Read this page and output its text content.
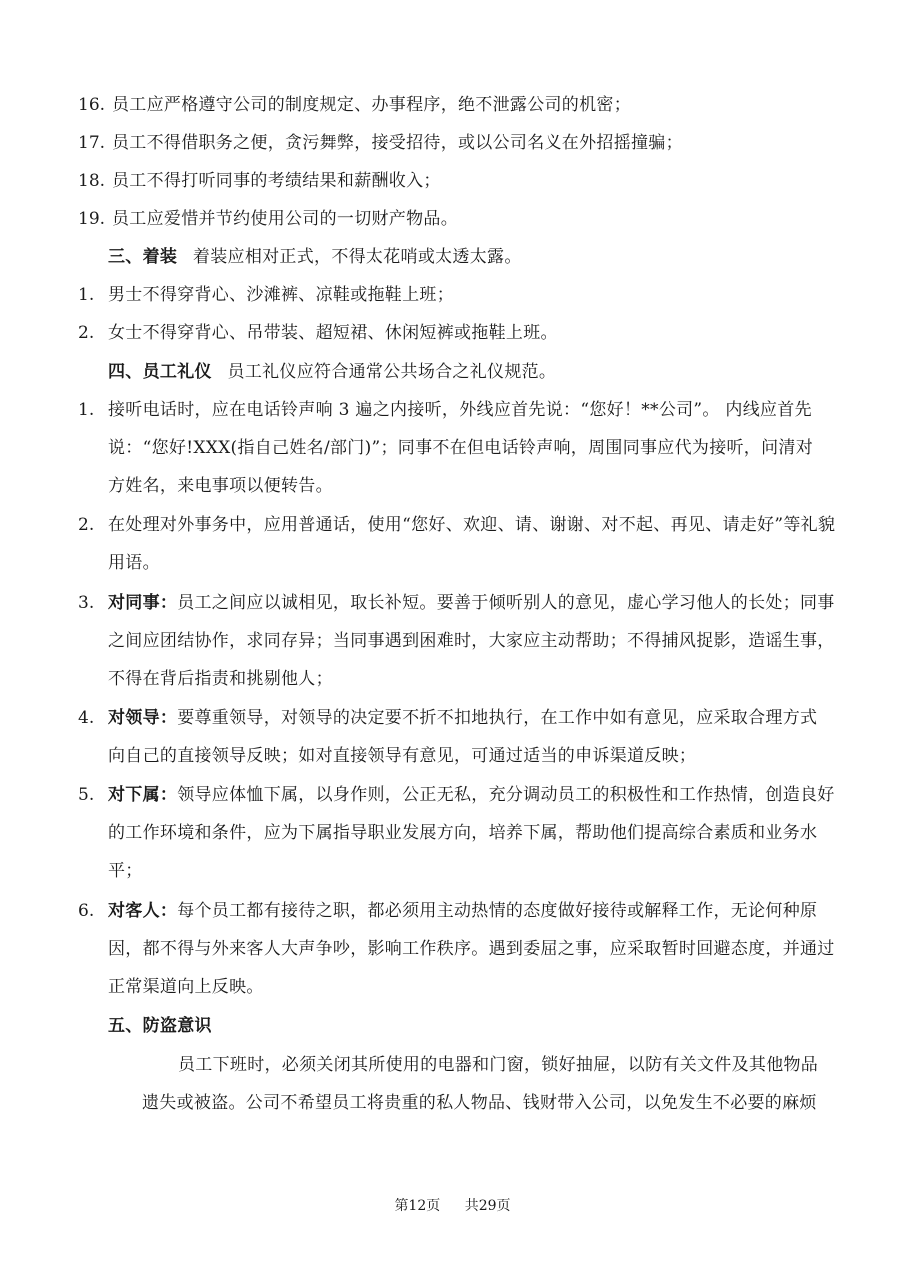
16. 员工应严格遵守公司的制度规定、办事程序，绝不泄露公司的机密；
17. 员工不得借职务之便，贪污舞弊，接受招待，或以公司名义在外招摇撞骗；
18. 员工不得打听同事的考绩结果和薪酬收入；
19. 员工应爱惜并节约使用公司的一切财产物品。
三、着装 着装应相对正式，不得太花哨或太透太露。
1. 男士不得穿背心、沙滩裤、凉鞋或拖鞋上班；
2. 女士不得穿背心、吊带装、超短裙、休闲短裤或拖鞋上班。
四、员工礼仪 员工礼仪应符合通常公共场合之礼仪规范。
1. 接听电话时，应在电话铃声响 3 遍之内接听，外线应首先说：“您好！**公司”。 内线应首先
说：“您好!XXX(指自己姓名/部门)”；同事不在但电话铃声响，周围同事应代为接听，问清对
方姓名，来电事项以便转告。
2. 在处理对外事务中，应用普通话，使用“您好、欢迎、请、谢谢、对不起、再见、请走好”等礼貌
用语。
3. 对同事：员工之间应以诚相见，取长补短。要善于倾听别人的意见，虚心学习他人的长处；同事
之间应团结协作，求同存异；当同事遇到困难时，大家应主动帮助；不得捕风捉影，造谣生事，
不得在背后指责和挑剔他人；
4. 对领导：要尊重领导，对领导的决定要不折不扣地执行，在工作中如有意见，应采取合理方式
向自己的直接领导反映；如对直接领导有意见，可通过适当的申诉渠道反映；
5. 对下属：领导应体恤下属，以身作则，公正无私，充分调动员工的积极性和工作热情，创造良好
的工作环境和条件，应为下属指导职业发展方向，培养下属，帮助他们提高综合素质和业务水
平；
6. 对客人：每个员工都有接待之职，都必须用主动热情的态度做好接待或解释工作，无论何种原
因，都不得与外来客人大声争吵，影响工作秩序。遇到委屈之事，应采取暂时回避态度，并通过
正常渠道向上反映。
五、防盗意识
员工下班时，必须关闭其所使用的电器和门窗，锁好抽屉，以防有关文件及其他物品
遗失或被盗。公司不希望员工将贵重的私人物品、钱财带入公司，以免发生不必要的麻烦
第12页 共29页
